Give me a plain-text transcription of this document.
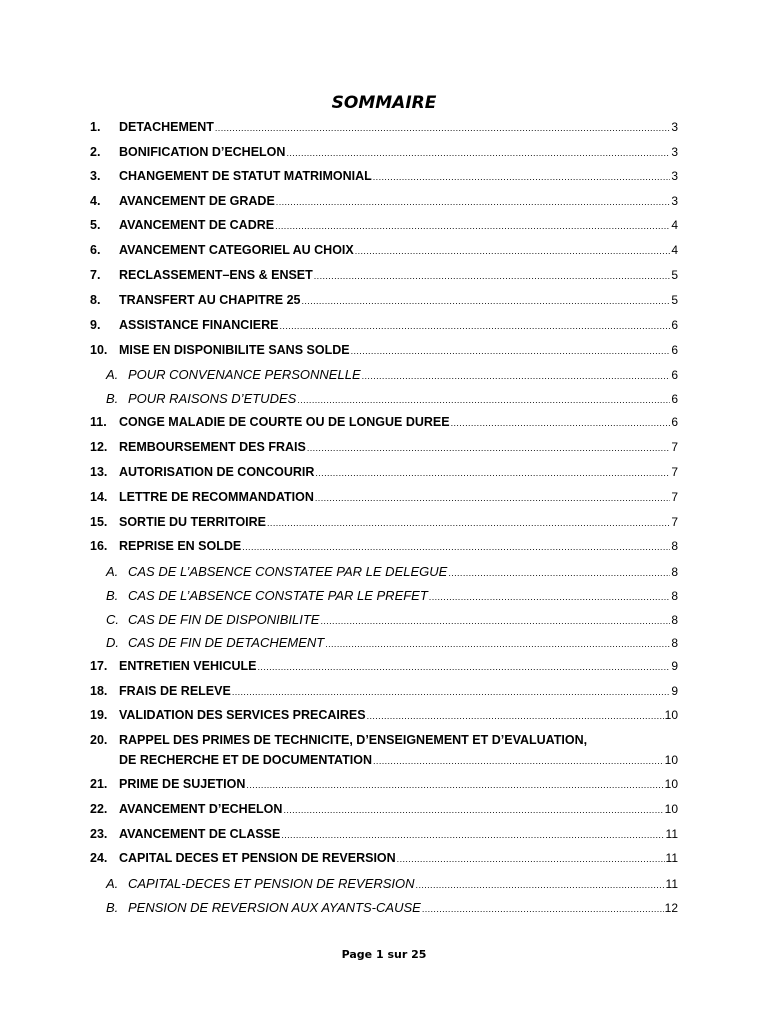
SOMMAIRE
1.	DETACHEMENT .....	3
2.	BONIFICATION D’ECHELON .....	3
3.	CHANGEMENT DE STATUT MATRIMONIAL .....	3
4.	AVANCEMENT DE GRADE .....	3
5.	AVANCEMENT DE CADRE .....	4
6.	AVANCEMENT CATEGORIEL AU CHOIX .....	4
7.	RECLASSEMENT–ENS & ENSET .....	5
8.	TRANSFERT AU CHAPITRE 25 .....	5
9.	ASSISTANCE FINANCIERE .....	6
10. MISE EN DISPONIBILITE SANS SOLDE .....	6
A. POUR CONVENANCE PERSONNELLE .....	6
B. POUR RAISONS D’ETUDES .....	6
11. CONGE MALADIE DE COURTE OU DE LONGUE DUREE .....	6
12. REMBOURSEMENT DES FRAIS .....	7
13. AUTORISATION DE CONCOURIR .....	7
14. LETTRE DE RECOMMANDATION .....	7
15. SORTIE DU TERRITOIRE .....	7
16. REPRISE EN SOLDE .....	8
A. CAS DE L’ABSENCE CONSTATEE PAR LE DELEGUE .....	8
B. CAS DE L’ABSENCE CONSTATE PAR LE PREFET .....	8
C. CAS DE FIN DE DISPONIBILITE .....	8
D. CAS DE FIN DE DETACHEMENT .....	8
17. ENTRETIEN VEHICULE .....	9
18. FRAIS DE RELEVE .....	9
19. VALIDATION DES SERVICES PRECAIRES .....	10
20. RAPPEL DES PRIMES DE TECHNICITE, D’ENSEIGNEMENT ET D’EVALUATION,
DE RECHERCHE ET DE DOCUMENTATION .....	10
21. PRIME DE SUJETION .....	10
22. AVANCEMENT D’ECHELON .....	10
23. AVANCEMENT DE CLASSE .....	11
24. CAPITAL DECES ET PENSION DE REVERSION .....	11
A. CAPITAL-DECES ET PENSION DE REVERSION .....	11
B. PENSION DE REVERSION AUX AYANTS-CAUSE .....	12
Page 1 sur 25
